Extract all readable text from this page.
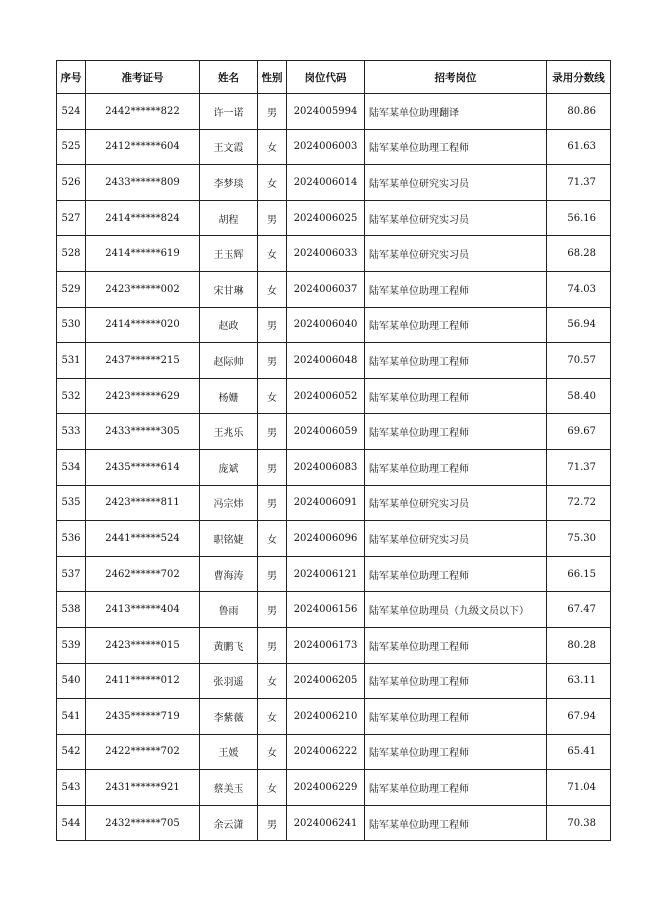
序号	准考证号	姓名	性别	岗位代码	招考岗位	录用分数线
524	2442******822	许一诺	男	2024005994	陆军某单位助理翻译	80.86
525	2412******604	王文霞	女	2024006003	陆军某单位助理工程师	61.63
526	2433******809	李梦琰	女	2024006014	陆军某单位研究实习员	71.37
527	2414******824	胡程	男	2024006025	陆军某单位研究实习员	56.16
528	2414******619	王玉辉	女	2024006033	陆军某单位研究实习员	68.28
529	2423******002	宋甘琳	女	2024006037	陆军某单位助理工程师	74.03
530	2414******020	赵政	男	2024006040	陆军某单位助理工程师	56.94
531	2437******215	赵际帅	男	2024006048	陆军某单位助理工程师	70.57
532	2423******629	杨姗	女	2024006052	陆军某单位助理工程师	58.40
533	2433******305	王兆乐	男	2024006059	陆军某单位助理工程师	69.67
534	2435******614	庞斌	男	2024006083	陆军某单位助理工程师	71.37
535	2423******811	冯宗炜	男	2024006091	陆军某单位研究实习员	72.72
536	2441******524	职铭婕	女	2024006096	陆军某单位研究实习员	75.30
537	2462******702	曹海涛	男	2024006121	陆军某单位助理工程师	66.15
538	2413******404	鲁雨	男	2024006156	陆军某单位助理员（九级文员以下）	67.47
539	2423******015	黄鹏飞	男	2024006173	陆军某单位助理工程师	80.28
540	2411******012	张羽遥	女	2024006205	陆军某单位助理工程师	63.11
541	2435******719	李紫薇	女	2024006210	陆军某单位助理工程师	67.94
542	2422******702	王媛	女	2024006222	陆军某单位助理工程师	65.41
543	2431******921	蔡美玉	女	2024006229	陆军某单位助理工程师	71.04
544	2432******705	余云潇	男	2024006241	陆军某单位助理工程师	70.38
